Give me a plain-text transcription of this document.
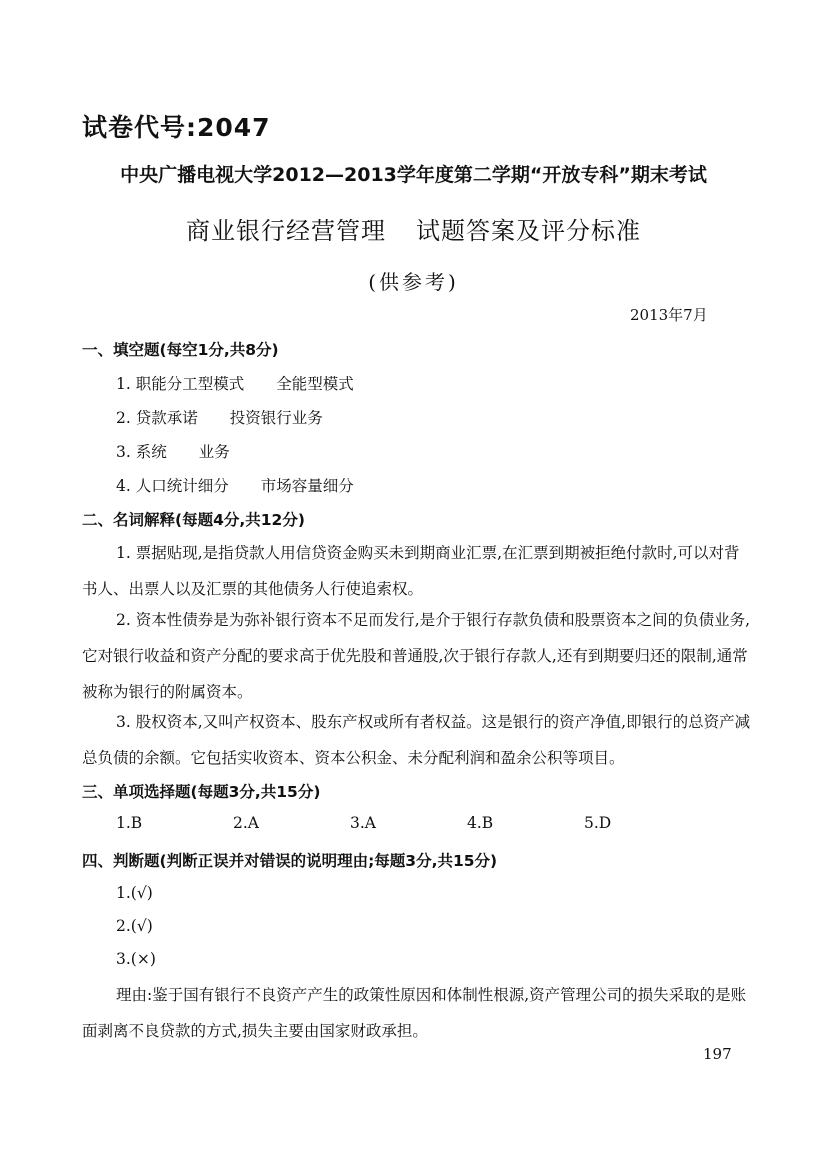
试卷代号:2047
中央广播电视大学2012—2013学年度第二学期“开放专科”期末考试
商业银行经营管理 试题答案及评分标准
(供参考)
2013年7月
一、填空题(每空1分,共8分)
1. 职能分工型模式 全能型模式
2. 贷款承诺 投资银行业务
3. 系统 业务
4. 人口统计细分 市场容量细分
二、名词解释(每题4分,共12分)
1. 票据贴现,是指贷款人用信贷资金购买未到期商业汇票,在汇票到期被拒绝付款时,可以对背书人、出票人以及汇票的其他债务人行使追索权。
2. 资本性债券是为弥补银行资本不足而发行,是介于银行存款负债和股票资本之间的负债业务,它对银行收益和资产分配的要求高于优先股和普通股,次于银行存款人,还有到期要归还的限制,通常被称为银行的附属资本。
3. 股权资本,又叫产权资本、股东产权或所有者权益。这是银行的资产净值,即银行的总资产减总负债的余额。它包括实收资本、资本公积金、未分配利润和盈余公积等项目。
三、单项选择题(每题3分,共15分)
1.B	2.A	3.A	4.B	5.D
四、判断题(判断正误并对错误的说明理由;每题3分,共15分)
1.(√)
2.(√)
3.(×)
理由:鉴于国有银行不良资产产生的政策性原因和体制性根源,资产管理公司的损失采取的是账面剥离不良贷款的方式,损失主要由国家财政承担。
197
